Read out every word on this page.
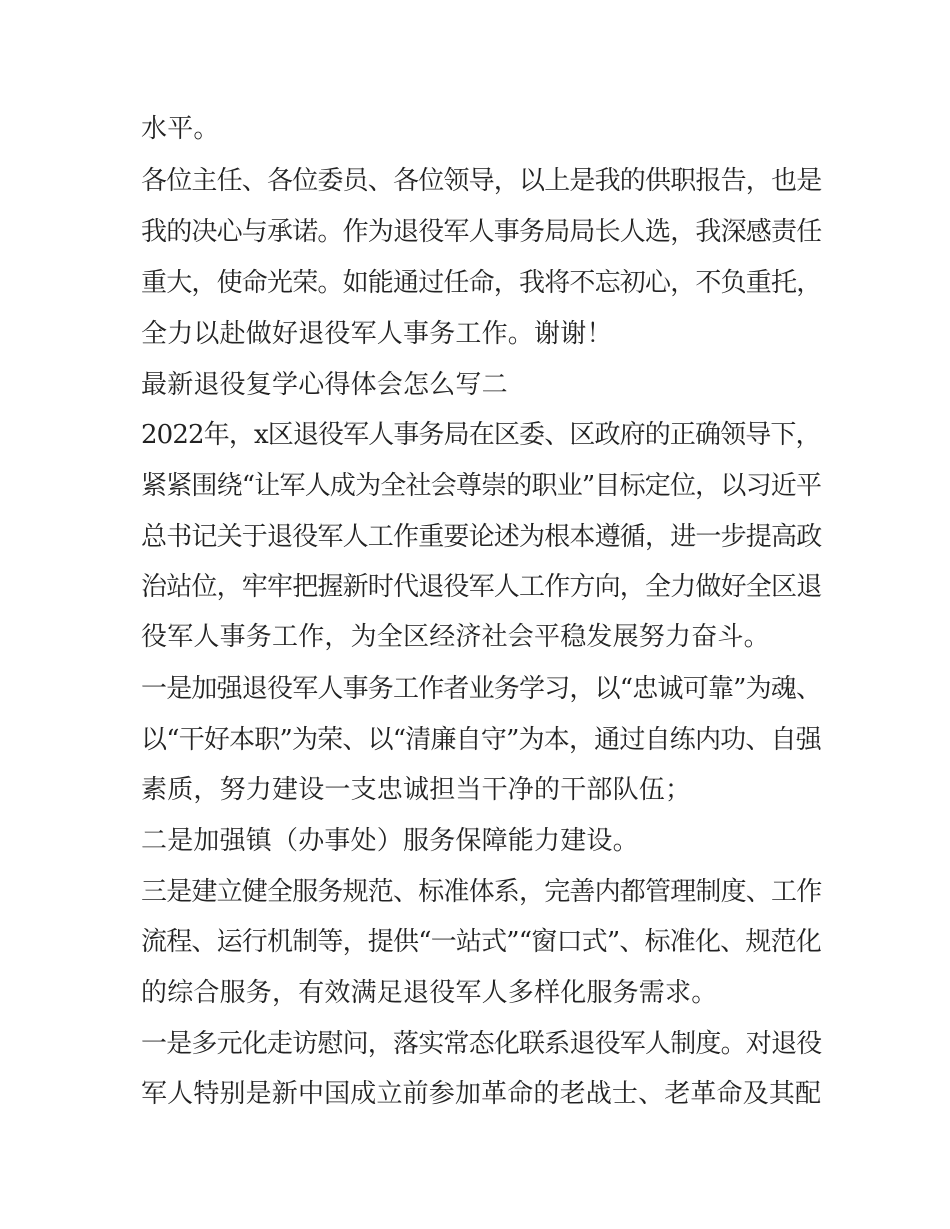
水平。
各位主任、各位委员、各位领导，以上是我的供职报告，也是
我的决心与承诺。作为退役军人事务局局长人选，我深感责任
重大，使命光荣。如能通过任命，我将不忘初心，不负重托，
全力以赴做好退役军人事务工作。谢谢！
最新退役复学心得体会怎么写二
2022年，x区退役军人事务局在区委、区政府的正确领导下，
紧紧围绕“让军人成为全社会尊崇的职业”目标定位，以习近平
总书记关于退役军人工作重要论述为根本遵循，进一步提高政
治站位，牢牢把握新时代退役军人工作方向，全力做好全区退
役军人事务工作，为全区经济社会平稳发展努力奋斗。
一是加强退役军人事务工作者业务学习，以“忠诚可靠”为魂、
以“干好本职”为荣、以“清廉自守”为本，通过自练内功、自强
素质，努力建设一支忠诚担当干净的干部队伍；
二是加强镇（办事处）服务保障能力建设。
三是建立健全服务规范、标准体系，完善内都管理制度、工作
流程、运行机制等，提供“一站式”“窗口式”、标准化、规范化
的综合服务，有效满足退役军人多样化服务需求。
一是多元化走访慰问，落实常态化联系退役军人制度。对退役
军人特别是新中国成立前参加革命的老战士、老革命及其配
